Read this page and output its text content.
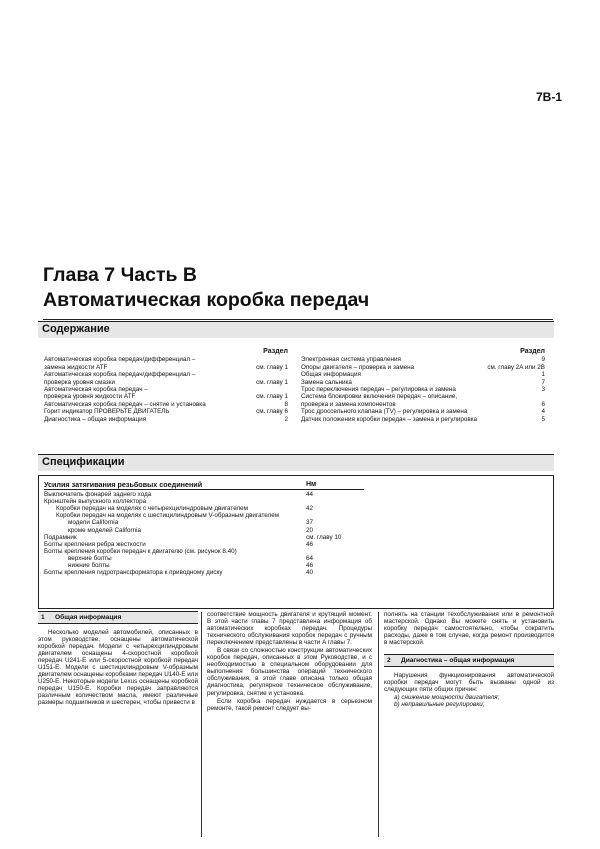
7B-1
Глава 7 Часть B
Автоматическая коробка передач
Содержание
Раздел
Автоматическая коробка передач/дифференциал –
замена жидкости ATF	см. главу 1
Автоматическая коробка передач/дифференциал –
проверка уровня смазки	см. главу 1
Автоматическая коробка передач –
проверка уровня жидкости ATF	см. главу 1
Автоматическая коробка передач – снятие и установка	8
Горит индикатор ПРОВЕРЬТЕ ДВИГАТЕЛЬ	см. главу 6
Диагностика – общая информация	2
Раздел
Электронная система управления	9
Опоры двигателя – проверка и замена	см. главу 2A или 2B
Общая информация	1
Замена сальника	7
Трос переключения передач – регулировка и замена	3
Система блокировки включения передач – описание,
проверка и замена компонентов	6
Трос дроссельного клапана (TV) – регулировка и замена	4
Датчик положения коробки передач – замена и регулировка	5
Спецификации
Усилия затягивания резьбовых соединений
Выключатель фонарей заднего хода	44
Кронштейн выпускного коллектора
Коробки передач на моделях с четырехцилиндровым двигателем	42
Коробки передач на моделях с шестицилиндровым V-образным двигателем
модели California	37
кроме моделей California	20
Подрамник	см. главу 10
Болты крепления ребра жесткости	46
Болты крепления коробки передач к двигателю (см. рисунок 8.40)
верхние болты	64
нижние болты	46
Болты крепления гидротрансформатора к приводному диску	40
Нм
1 Общая информация

Несколько моделей автомобилей, описанных в этом руководстве, оснащены автоматической коробкой передач. Модели с четырехцилиндровым двигателем оснащены 4-скоростной коробкой передач U241-E или 5-скоростной коробкой передач U151-E. Модели с шестицилиндровым V-образным двигателем оснащены коробками передач U140-E или U250-E. Некоторые модели Lexus оснащены коробкой передач U150-E. Коробки передач заправляются различным количеством масла, имеют различные размеры подшипников и шестерен, чтобы привести в

соответствие мощность двигателя и крутящий момент. В этой части главы 7 представлена информация об автоматических коробках передач. Процедуры технического обслуживания коробок передач с ручным переключением представлены в части A главы 7.

В связи со сложностью конструкции автоматических коробок передач, описанных в этом Руководстве, и с необходимостью в специальном оборудовании для выполнения большинства операций технического обслуживания, в этой главе описана только общая диагностика, регулярное техническое обслуживание, регулировка, снятие и установка.

Если коробка передач нуждается в серьезном ремонте, такой ремонт следует вы-

полнять на станции техобслуживания или в ремонтной мастерской. Однако Вы можете снять и установить коробку передач самостоятельно, чтобы сократить расходы, даже в том случае, когда ремонт производится в мастерской.

2 Диагностика – общая информация

Нарушения функционирования автоматической коробки передач могут быть вызваны одной из следующих пяти общих причин:

а) снижение мощности двигателя;

b) неправильные регулировки;
